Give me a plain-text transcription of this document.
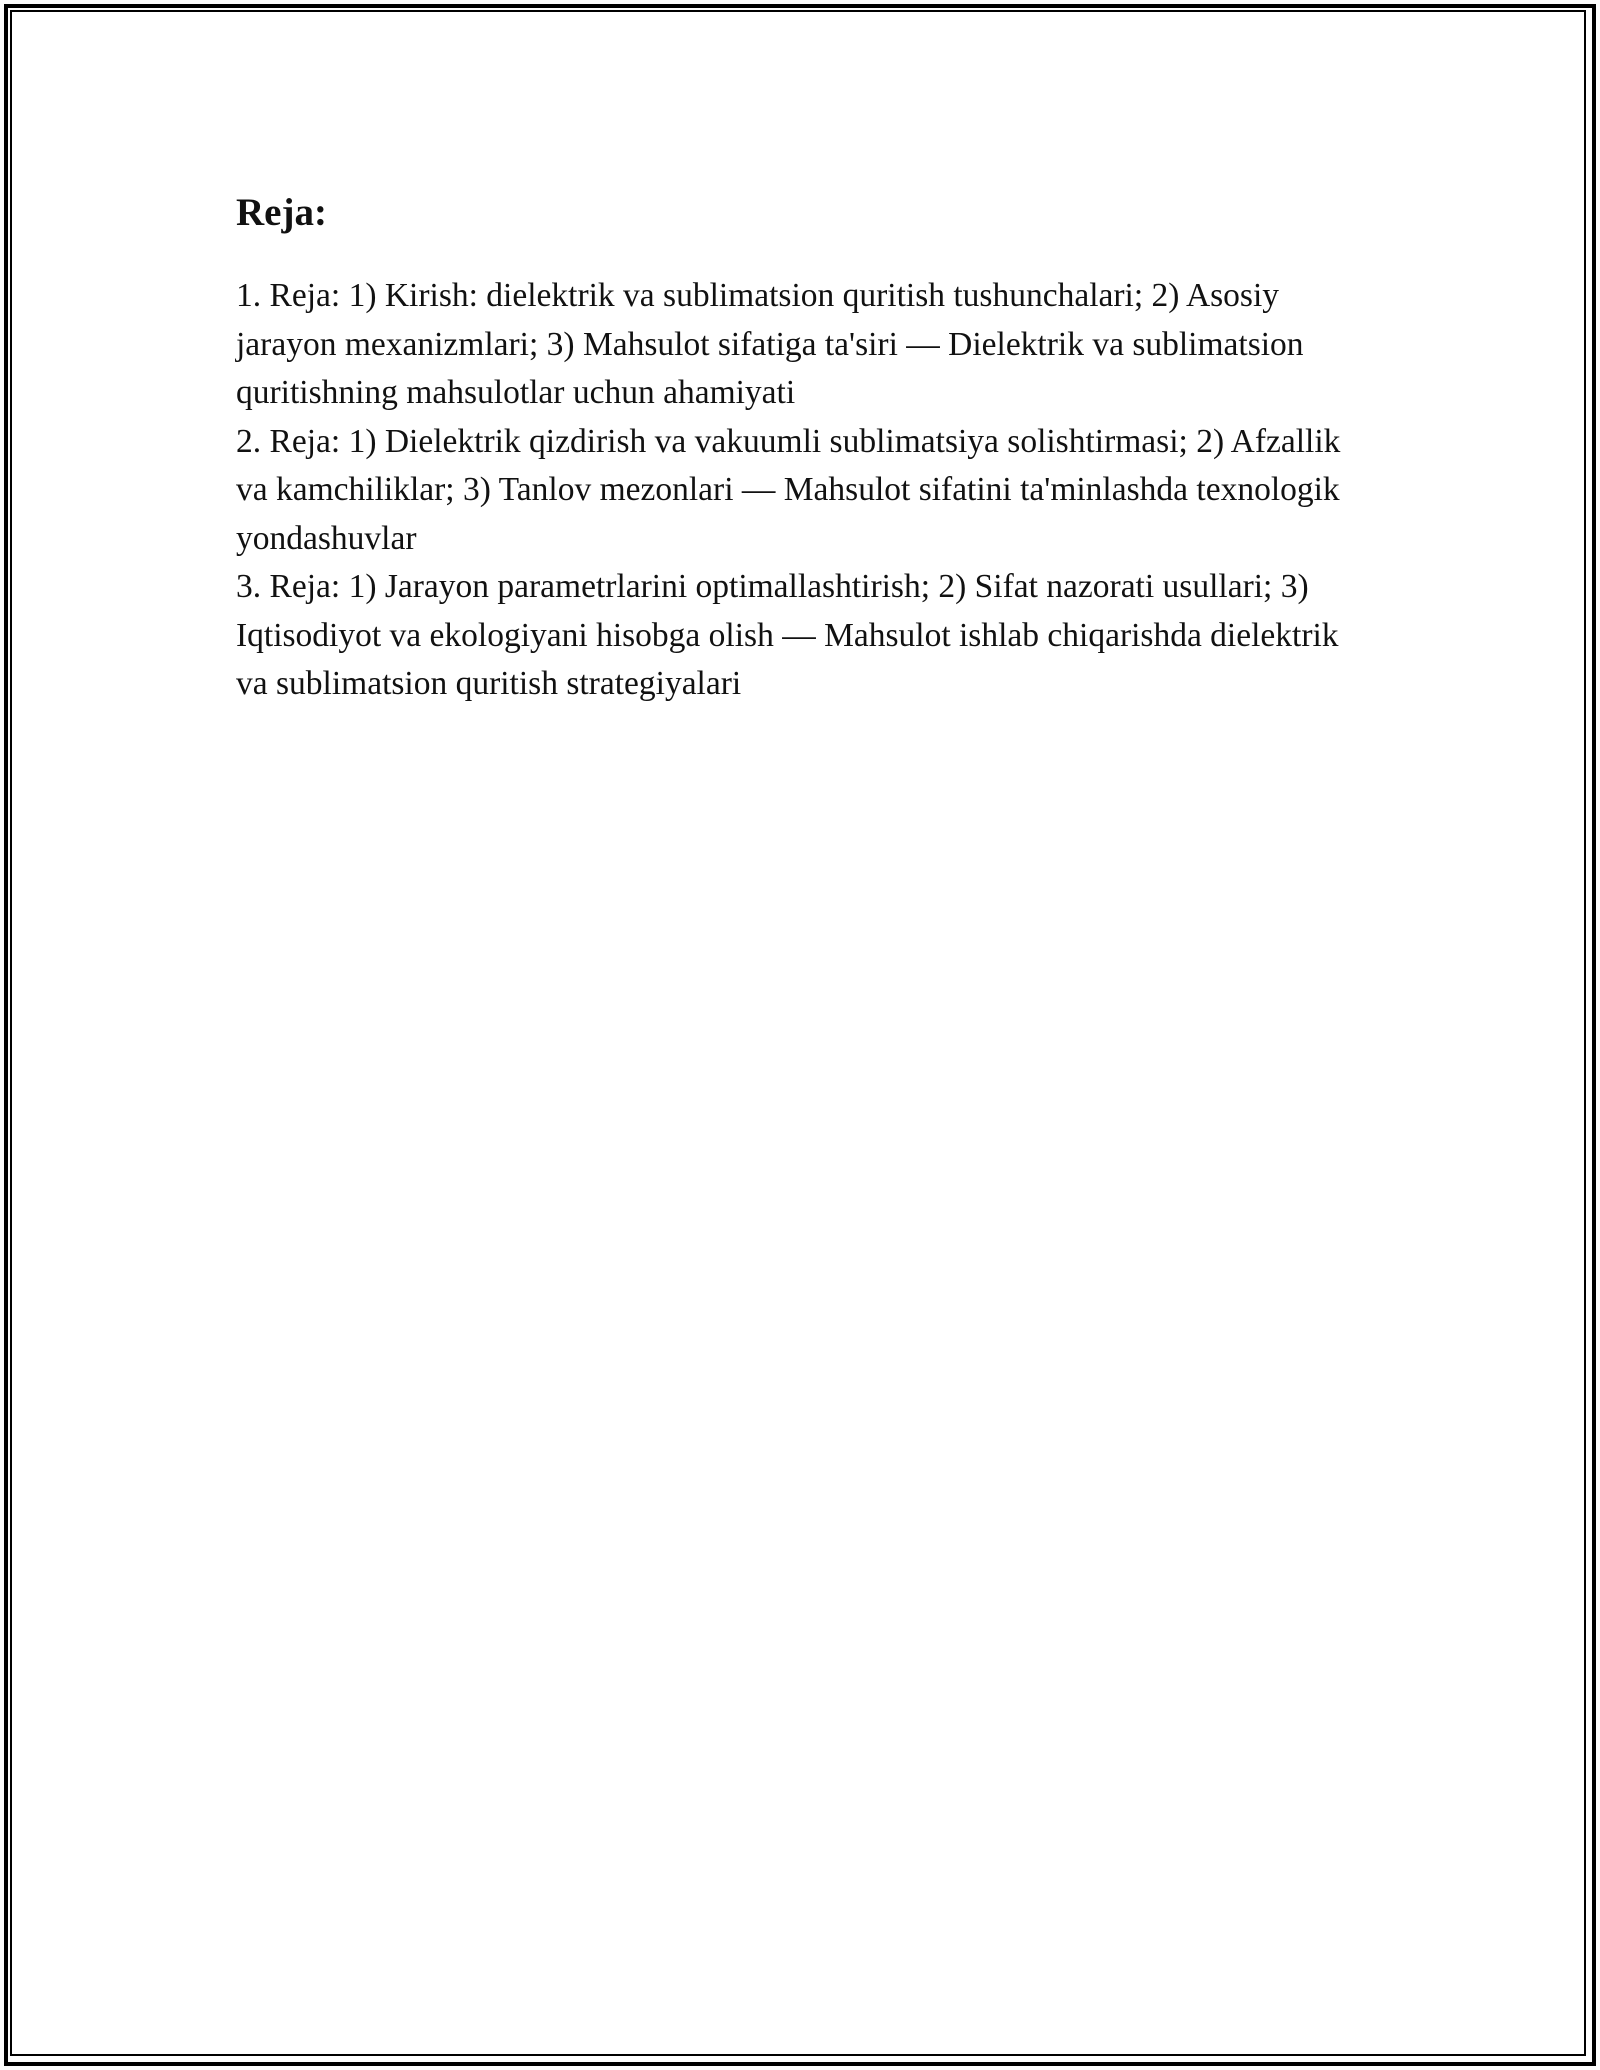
Reja:
1. Reja: 1) Kirish: dielektrik va sublimatsion quritish tushunchalari; 2) Asosiy jarayon mexanizmlari; 3) Mahsulot sifatiga ta'siri — Dielektrik va sublimatsion quritishning mahsulotlar uchun ahamiyati
2. Reja: 1) Dielektrik qizdirish va vakuumli sublimatsiya solishtirmasi; 2) Afzallik va kamchiliklar; 3) Tanlov mezonlari — Mahsulot sifatini ta'minlashda texnologik yondashuvlar
3. Reja: 1) Jarayon parametrlarini optimallashtirish; 2) Sifat nazorati usullari; 3) Iqtisodiyot va ekologiyani hisobga olish — Mahsulot ishlab chiqarishda dielektrik va sublimatsion quritish strategiyalari
